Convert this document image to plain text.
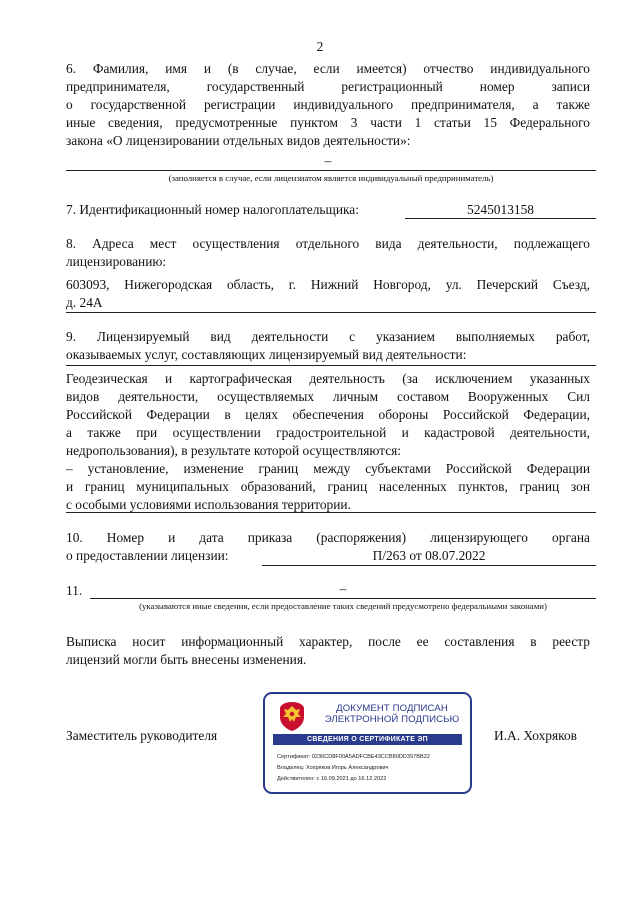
2
6. Фамилия, имя и (в случае, если имеется) отчество индивидуального
предпринимателя, государственный регистрационный номер записи
о государственной регистрации индивидуального предпринимателя, а также
иные сведения, предусмотренные пунктом 3 части 1 статьи 15 Федерального
закона «О лицензировании отдельных видов деятельности»:
–
(заполняется в случае, если лицензиатом является индивидуальный предприниматель)
7. Идентификационный номер налогоплательщика:	5245013158
8. Адреса мест осуществления отдельного вида деятельности, подлежащего
лицензированию:
603093, Нижегородская область, г. Нижний Новгород, ул. Печерский Съезд,
д. 24А
9. Лицензируемый вид деятельности с указанием выполняемых работ,
оказываемых услуг, составляющих лицензируемый вид деятельности:
Геодезическая и картографическая деятельность (за исключением указанных
видов деятельности, осуществляемых личным составом Вооруженных Сил
Российской Федерации в целях обеспечения обороны Российской Федерации,
а также при осуществлении градостроительной и кадастровой деятельности,
недропользования), в результате которой осуществляются:
– установление, изменение границ между субъектами Российской Федерации
и границ муниципальных образований, границ населенных пунктов, границ зон
с особыми условиями использования территории.
10. Номер и дата приказа (распоряжения) лицензирующего органа
о предоставлении лицензии:	П/263 от 08.07.2022
11.	–
(указываются иные сведения, если предоставление таких сведений предусмотрено федеральными законами)
Выписка носит информационный характер, после ее составления в реестр
лицензий могли быть внесены изменения.
Заместитель руководителя	И.А. Хохряков
ДОКУМЕНТ ПОДПИСАН
ЭЛЕКТРОННОЙ ПОДПИСЬЮ
СВЕДЕНИЯ О СЕРТИФИКАТЕ ЭП
Сертификат: 0236CD8F00A5ADFCBE43CCB80DD397BB22
Владелец: Хохряков Игорь Александрович
Действителен: с 16.09.2021 до 16.12.2022
